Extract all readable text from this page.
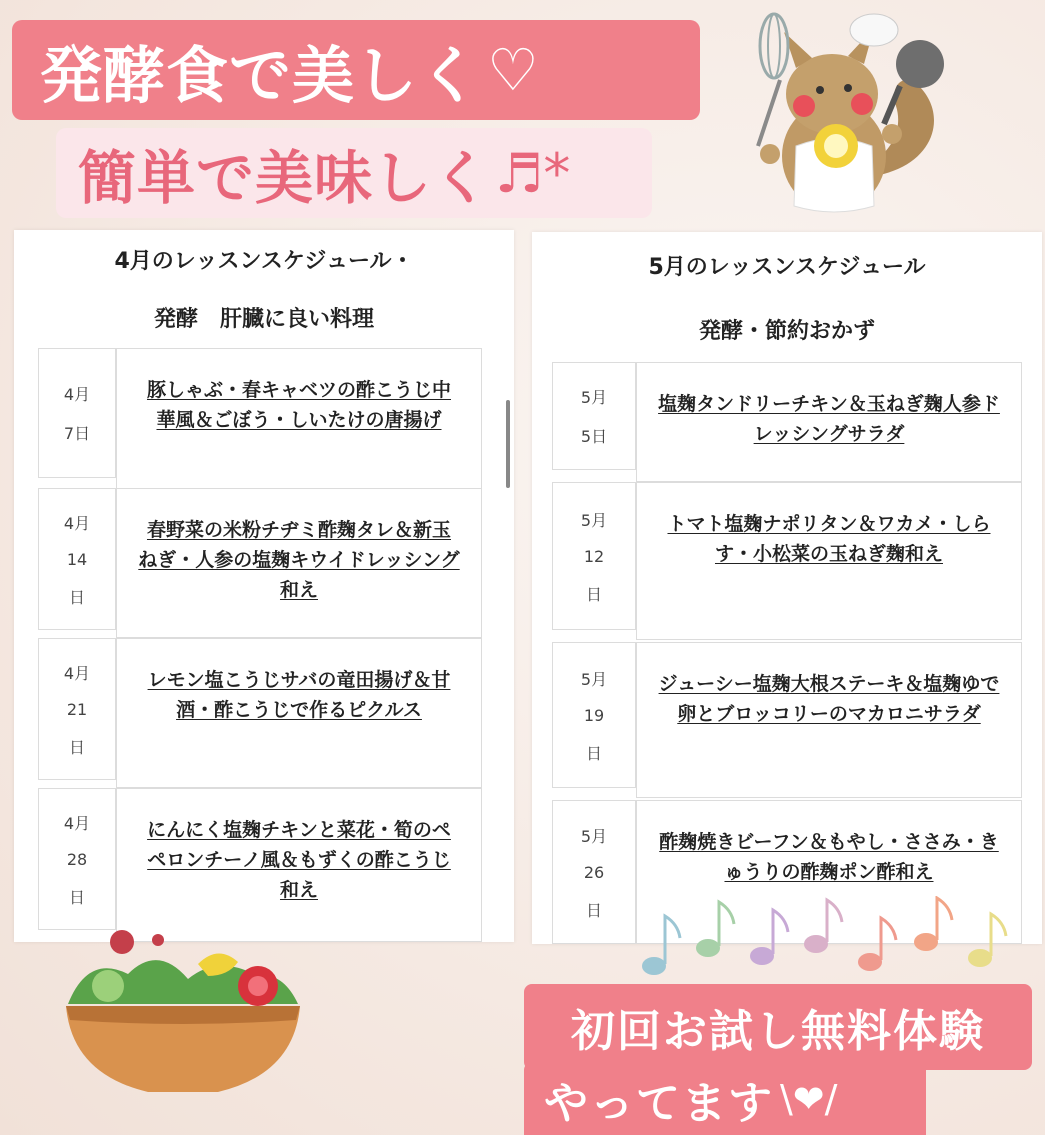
発酵食で美しく ♡
簡単で美味しく ♬*
4月のレッスンスケジュール・
発酵　肝臓に良い料理
4月
7日
豚しゃぶ・春キャベツの酢こうじ中華風＆ごぼう・しいたけの唐揚げ
4月
14
日
春野菜の米粉チヂミ酢麹タレ＆新玉ねぎ・人参の塩麹キウイドレッシング和え
4月
21
日
レモン塩こうじサバの竜田揚げ＆甘酒・酢こうじで作るピクルス
4月
28
日
にんにく塩麹チキンと菜花・筍のペペロンチーノ風＆もずくの酢こうじ和え
5月のレッスンスケジュール
発酵・節約おかず
5月
5日
塩麹タンドリーチキン＆玉ねぎ麹人参ドレッシングサラダ
5月
12
日
トマト塩麹ナポリタン＆ワカメ・しらす・小松菜の玉ねぎ麹和え
5月
19
日
ジューシー塩麹大根ステーキ＆塩麹ゆで卵とブロッコリーのマカロニサラダ
5月
26
日
酢麹焼きビーフン＆もやし・ささみ・きゅうりの酢麹ポン酢和え
初回お試し無料体験
やってます \❤/
